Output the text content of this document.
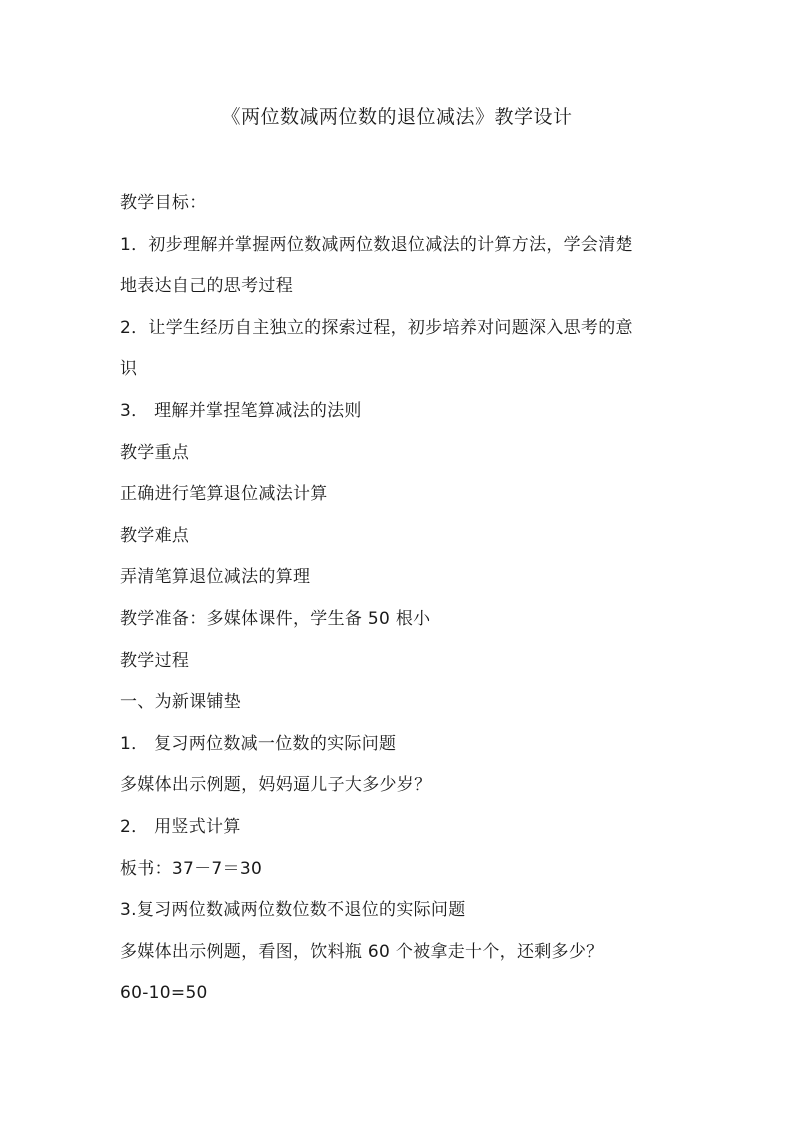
《两位数减两位数的退位减法》教学设计

教学目标：

1．初步理解并掌握两位数减两位数退位减法的计算方法，学会清楚

地表达自己的思考过程

2．让学生经历自主独立的探索过程，初步培养对问题深入思考的意

识

3． 理解并掌捏笔算减法的法则

教学重点

正确进行笔算退位减法计算

教学难点

弄清笔算退位减法的算理

教学准备：多媒体课件，学生备 50 根小

教学过程

一、为新课铺垫

1． 复习两位数减一位数的实际问题

多媒体出示例题，妈妈逼儿子大多少岁？

2． 用竖式计算

板书：37－7＝30

3.复习两位数减两位数位数不退位的实际问题

多媒体出示例题，看图，饮料瓶 60 个被拿走十个，还剩多少？

60-10=50
